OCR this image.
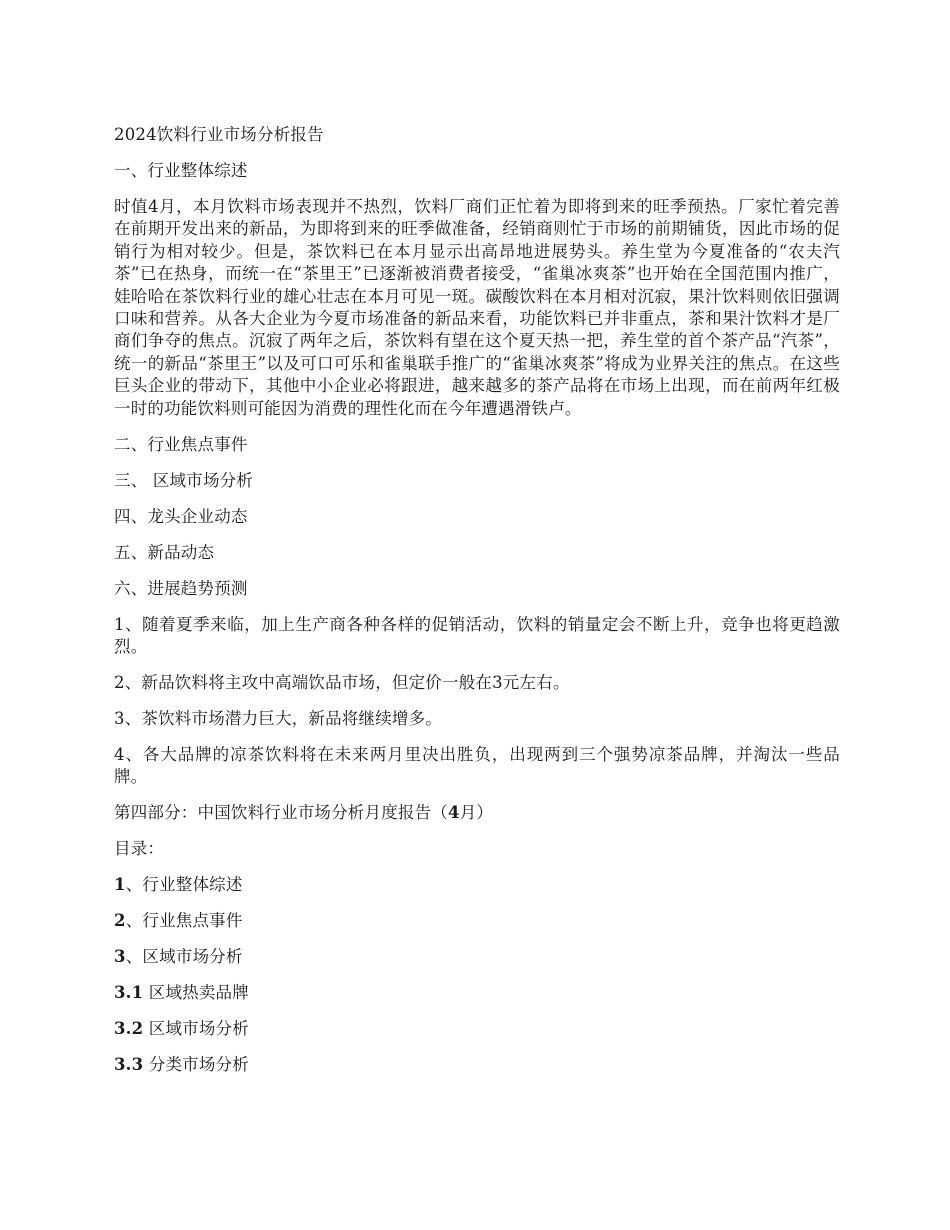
2024饮料行业市场分析报告

一、行业整体综述

时值4月，本月饮料市场表现并不热烈，饮料厂商们正忙着为即将到来的旺季预热。厂家忙着完善在前期开发出来的新品，为即将到来的旺季做准备，经销商则忙于市场的前期铺货，因此市场的促销行为相对较少。但是，茶饮料已在本月显示出高昂地进展势头。养生堂为今夏准备的“农夫汽茶”已在热身，而统一在“茶里王”已逐渐被消费者接受，“雀巢冰爽茶”也开始在全国范围内推广，娃哈哈在茶饮料行业的雄心壮志在本月可见一斑。碳酸饮料在本月相对沉寂，果汁饮料则依旧强调口味和营养。从各大企业为今夏市场准备的新品来看，功能饮料已并非重点，茶和果汁饮料才是厂商们争夺的焦点。沉寂了两年之后，茶饮料有望在这个夏天热一把，养生堂的首个茶产品“汽茶”，统一的新品“茶里王”以及可口可乐和雀巢联手推广的“雀巢冰爽茶”将成为业界关注的焦点。在这些巨头企业的带动下，其他中小企业必将跟进，越来越多的茶产品将在市场上出现，而在前两年红极一时的功能饮料则可能因为消费的理性化而在今年遭遇滑铁卢。

二、行业焦点事件

三、 区域市场分析

四、龙头企业动态

五、新品动态

六、进展趋势预测

1、随着夏季来临，加上生产商各种各样的促销活动，饮料的销量定会不断上升，竞争也将更趋激烈。

2、新品饮料将主攻中高端饮品市场，但定价一般在3元左右。

3、茶饮料市场潜力巨大，新品将继续增多。

4、各大品牌的凉茶饮料将在未来两月里决出胜负，出现两到三个强势凉茶品牌，并淘汰一些品牌。

第四部分：中国饮料行业市场分析月度报告（4月）

目录：

1、行业整体综述

2、行业焦点事件

3、区域市场分析

3.1 区域热卖品牌

3.2 区域市场分析

3.3 分类市场分析
